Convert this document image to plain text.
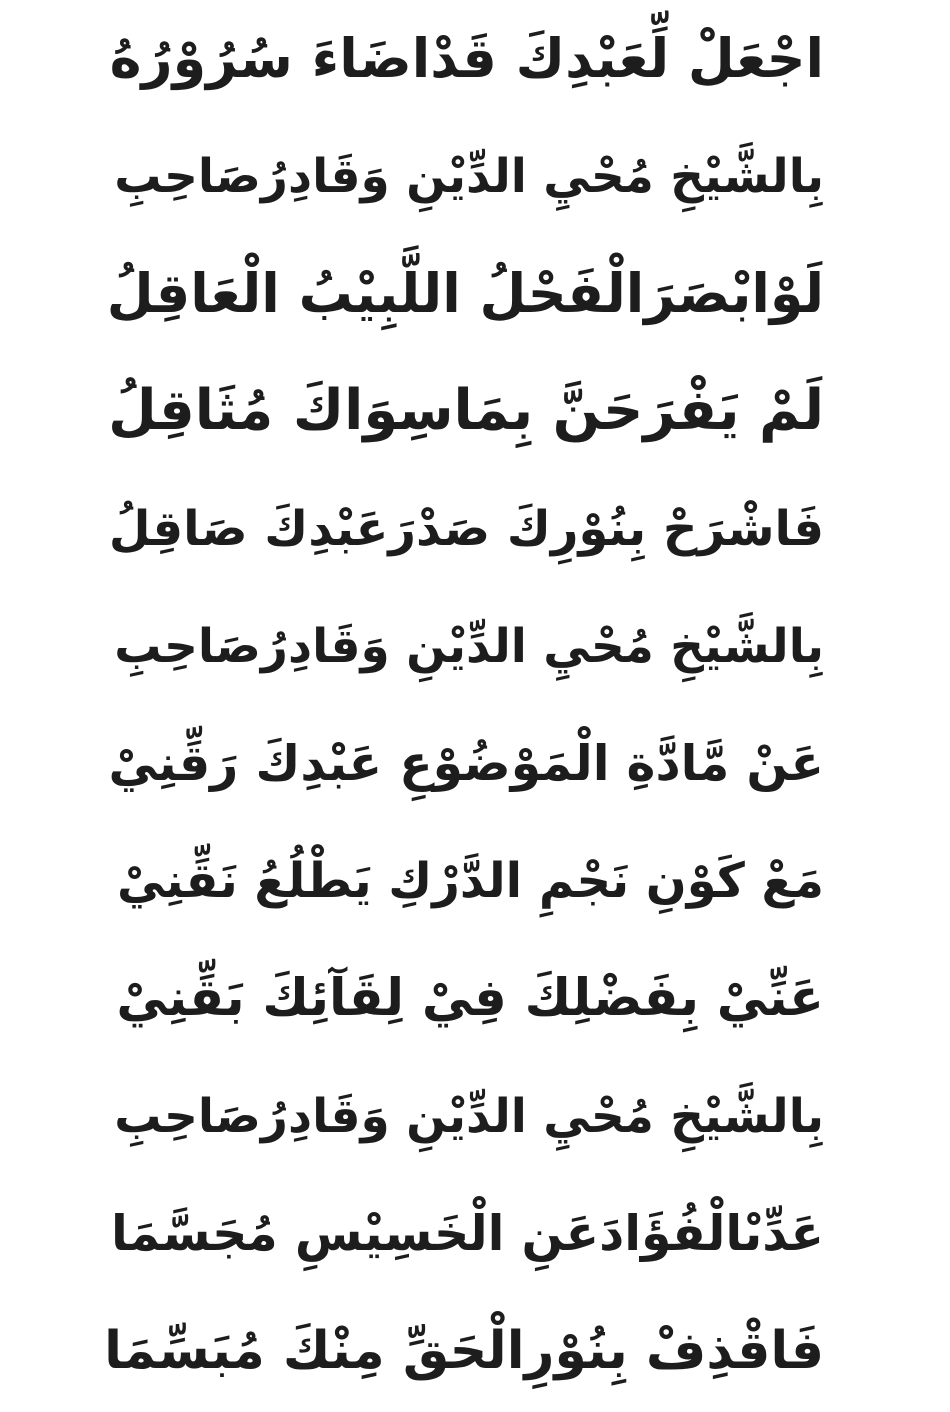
اجْعَلْ لِّعَبْدِكَ قَدْاضَاءَ سُرُوْرُهُ
بِالشَّيْخِ مُحْيِ الدِّيْنِ وَقَادِرُصَاحِبِ
لَوْابْصَرَالْفَحْلُ اللَّبِيْبُ الْعَاقِلُ
لَمْ يَفْرَحَنَّ بِمَاسِوَاكَ مُثَاقِلُ
فَاشْرَحْ بِنُوْرِكَ صَدْرَعَبْدِكَ صَاقِلُ
بِالشَّيْخِ مُحْيِ الدِّيْنِ وَقَادِرُصَاحِبِ
عَنْ مَّادَّةِ الْمَوْضُوْعِ عَبْدِكَ رَقِّنِيْ
مَعْ كَوْنِ نَجْمِ الدَّرْكِ يَطْلُعُ نَقِّنِيْ
عَنِّيْ بِفَضْلِكَ فِيْ لِقَآئِكَ بَقِّنِيْ
بِالشَّيْخِ مُحْيِ الدِّيْنِ وَقَادِرُصَاحِبِ
عَدِّىْالْفُؤَادَعَنِ الْخَسِيْسِ مُجَسَّمَا
فَاقْذِفْ بِنُوْرِالْحَقِّ مِنْكَ مُبَسِّمَا
